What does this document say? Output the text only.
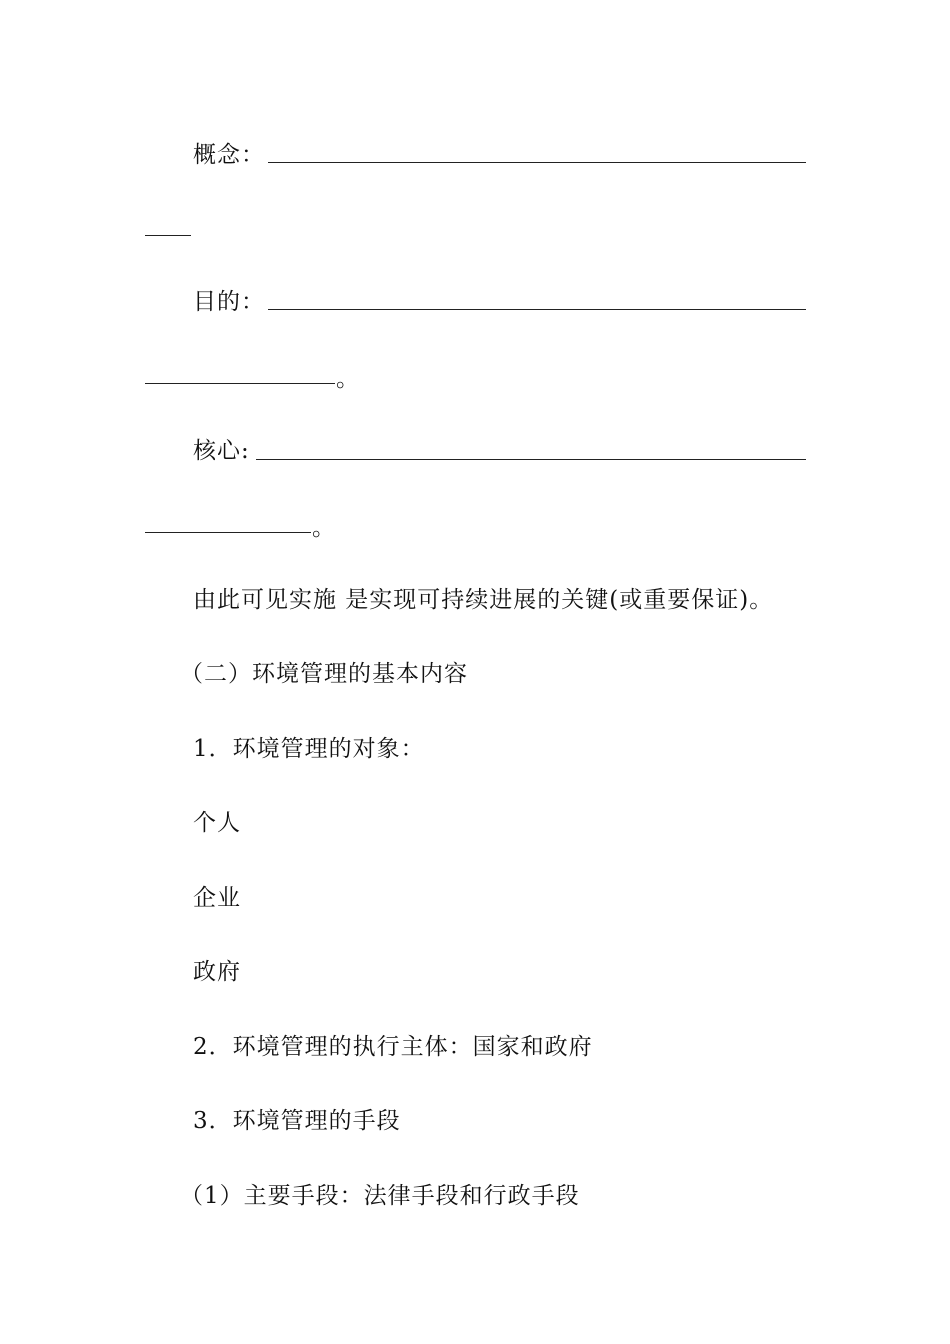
概念：
目的：
。
核心:
。
由此可见实施 是实现可持续进展的关键(或重要保证)。
（二）环境管理的基本内容
1．环境管理的对象：
个人
企业
政府
2．环境管理的执行主体：国家和政府
3．环境管理的手段
（1）主要手段：法律手段和行政手段
